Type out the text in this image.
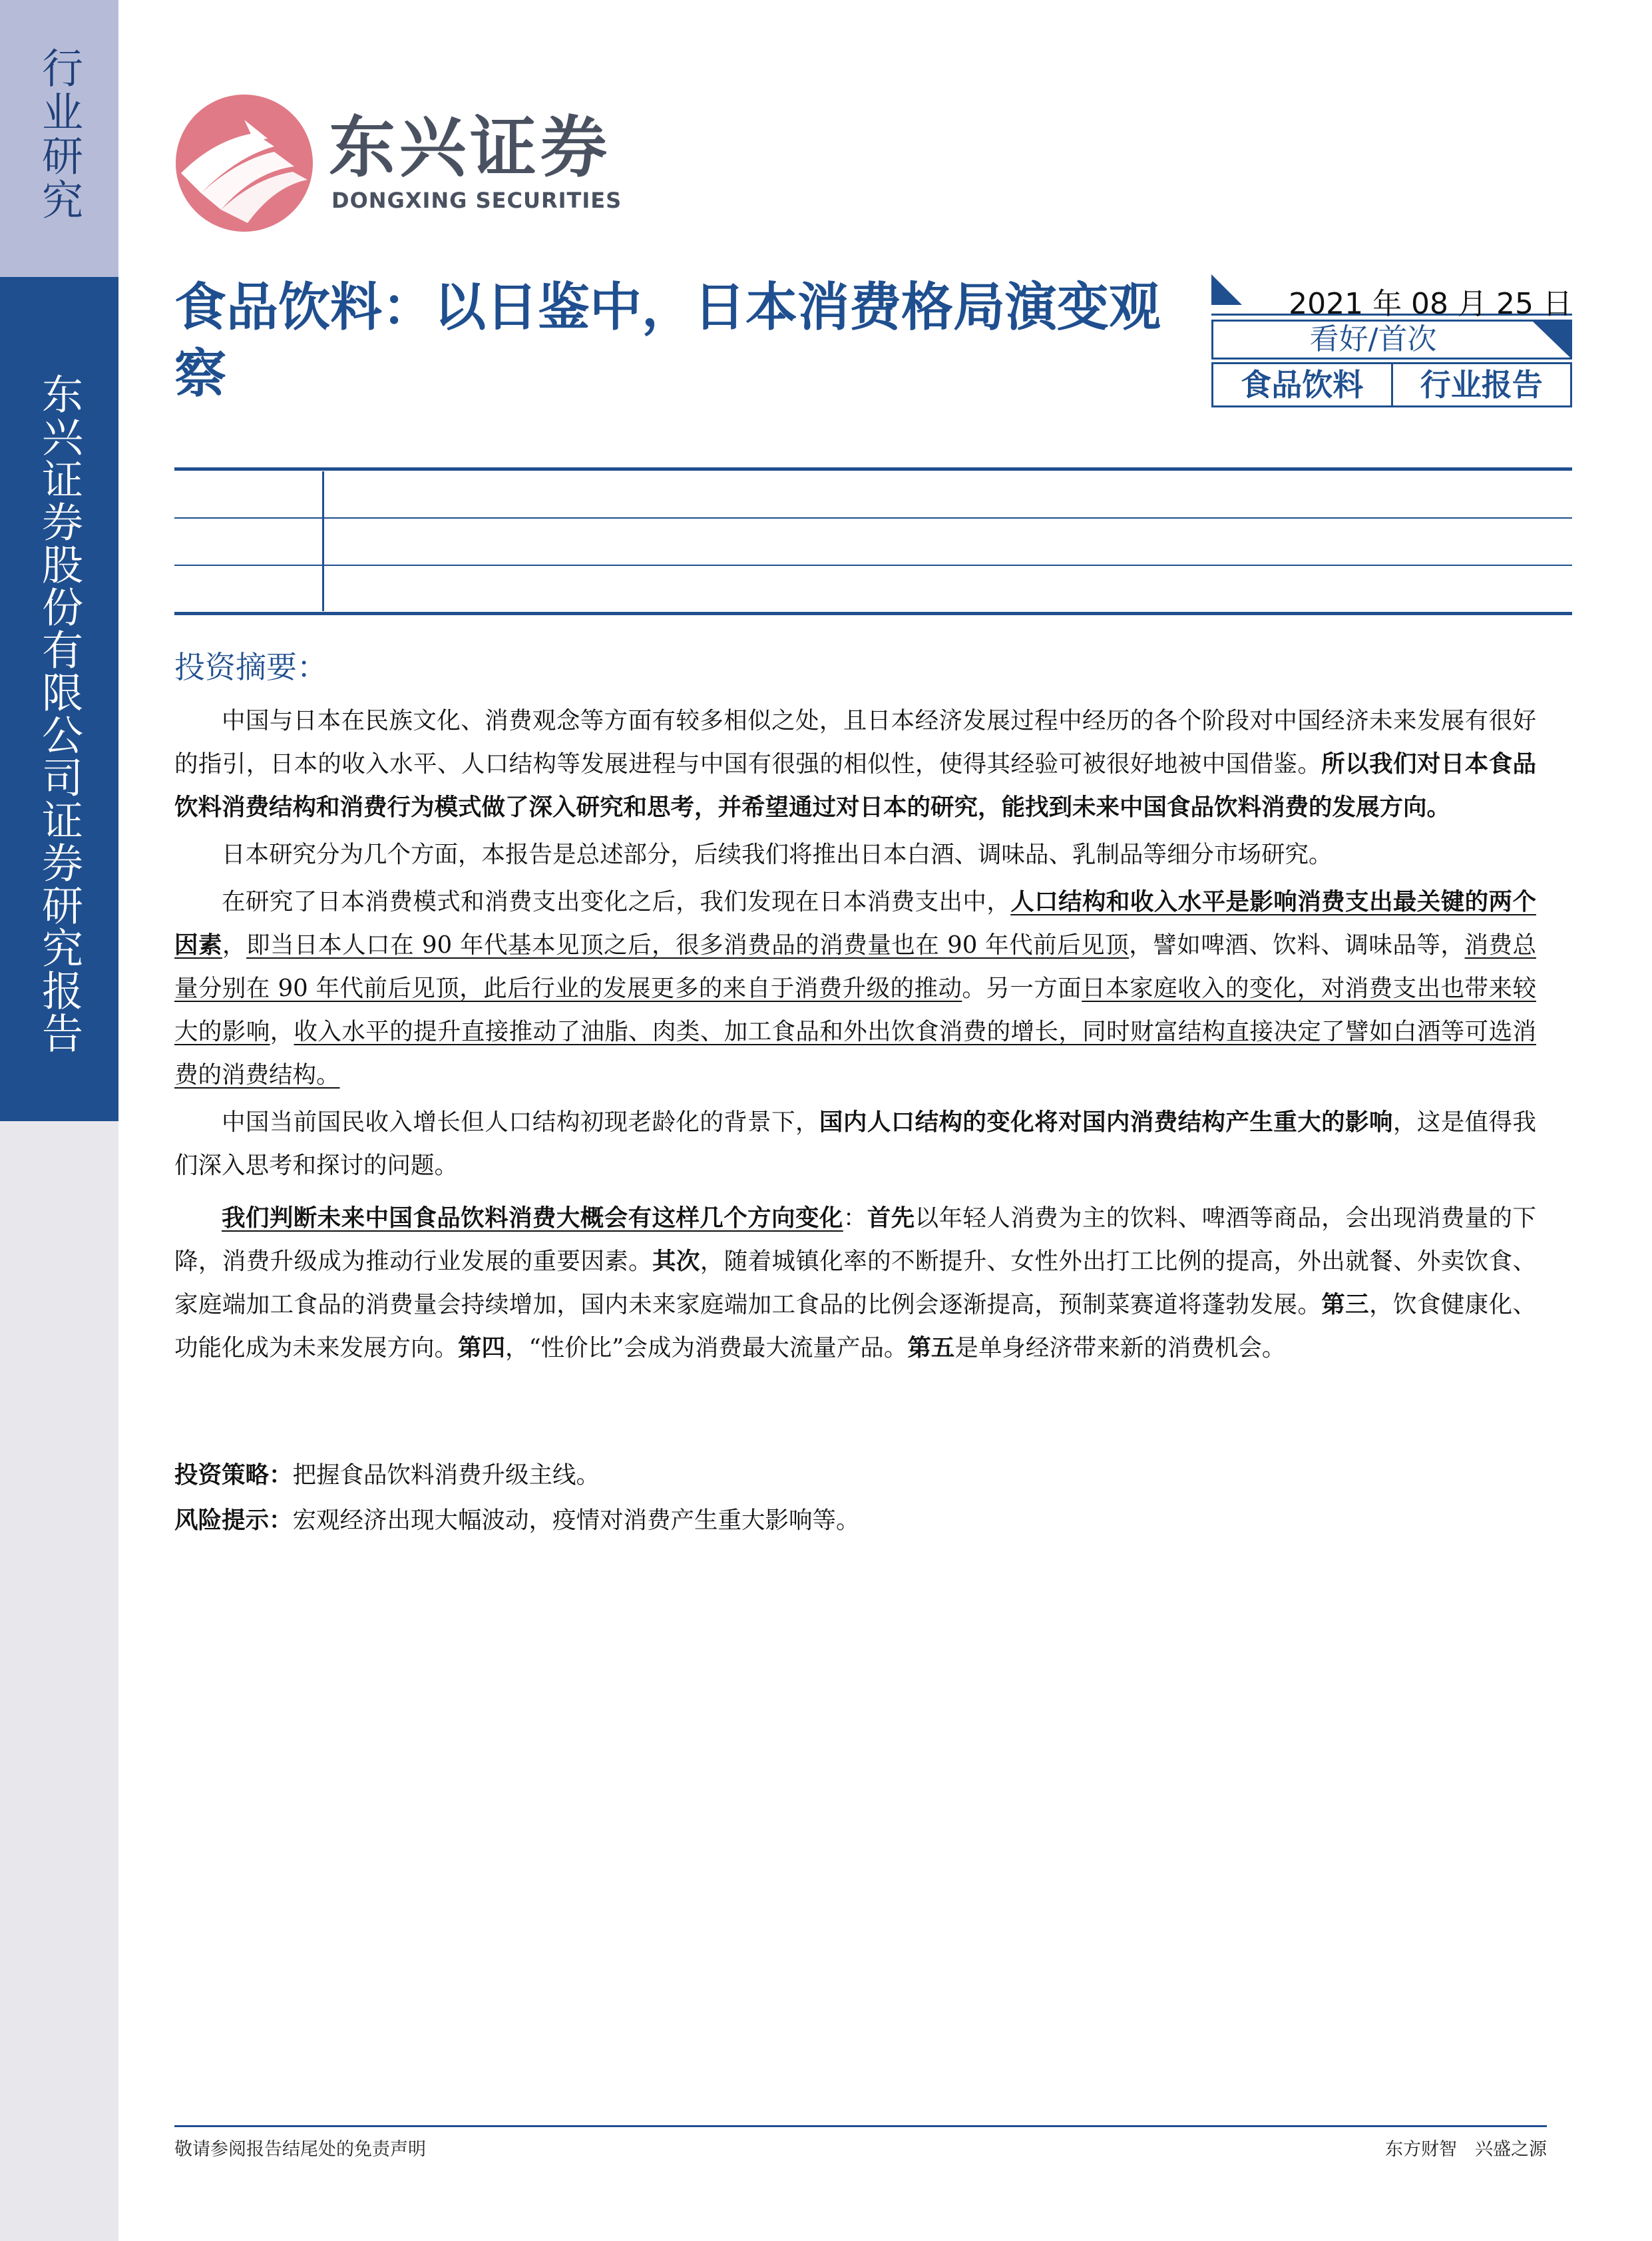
行业研究
东兴证券股份有限公司证券研究报告
东兴证券
DONGXING SECURITIES
食品饮料：以日鉴中，日本消费格局演变观察
2021 年 08 月 25 日
看好/首次
食品饮料	行业报告
投资摘要：

中国与日本在民族文化、消费观念等方面有较多相似之处，且日本经济发展过程中经历的各个阶段对中国经济未来发展有很好的指引，日本的收入水平、人口结构等发展进程与中国有很强的相似性，使得其经验可被很好地被中国借鉴。所以我们对日本食品饮料消费结构和消费行为模式做了深入研究和思考，并希望通过对日本的研究，能找到未来中国食品饮料消费的发展方向。

日本研究分为几个方面，本报告是总述部分，后续我们将推出日本白酒、调味品、乳制品等细分市场研究。

在研究了日本消费模式和消费支出变化之后，我们发现在日本消费支出中，人口结构和收入水平是影响消费支出最关键的两个因素，即当日本人口在 90 年代基本见顶之后，很多消费品的消费量也在 90 年代前后见顶，譬如啤酒、饮料、调味品等，消费总量分别在 90 年代前后见顶，此后行业的发展更多的来自于消费升级的推动。另一方面日本家庭收入的变化，对消费支出也带来较大的影响，收入水平的提升直接推动了油脂、肉类、加工食品和外出饮食消费的增长，同时财富结构直接决定了譬如白酒等可选消费的消费结构。

中国当前国民收入增长但人口结构初现老龄化的背景下，国内人口结构的变化将对国内消费结构产生重大的影响，这是值得我们深入思考和探讨的问题。

我们判断未来中国食品饮料消费大概会有这样几个方向变化：首先以年轻人消费为主的饮料、啤酒等商品，会出现消费量的下降，消费升级成为推动行业发展的重要因素。其次，随着城镇化率的不断提升、女性外出打工比例的提高，外出就餐、外卖饮食、家庭端加工食品的消费量会持续增加，国内未来家庭端加工食品的比例会逐渐提高，预制菜赛道将蓬勃发展。第三，饮食健康化、功能化成为未来发展方向。第四，“性价比”会成为消费最大流量产品。第五是单身经济带来新的消费机会。

投资策略：把握食品饮料消费升级主线。
风险提示：宏观经济出现大幅波动，疫情对消费产生重大影响等。
敬请参阅报告结尾处的免责声明	东方财智　兴盛之源
